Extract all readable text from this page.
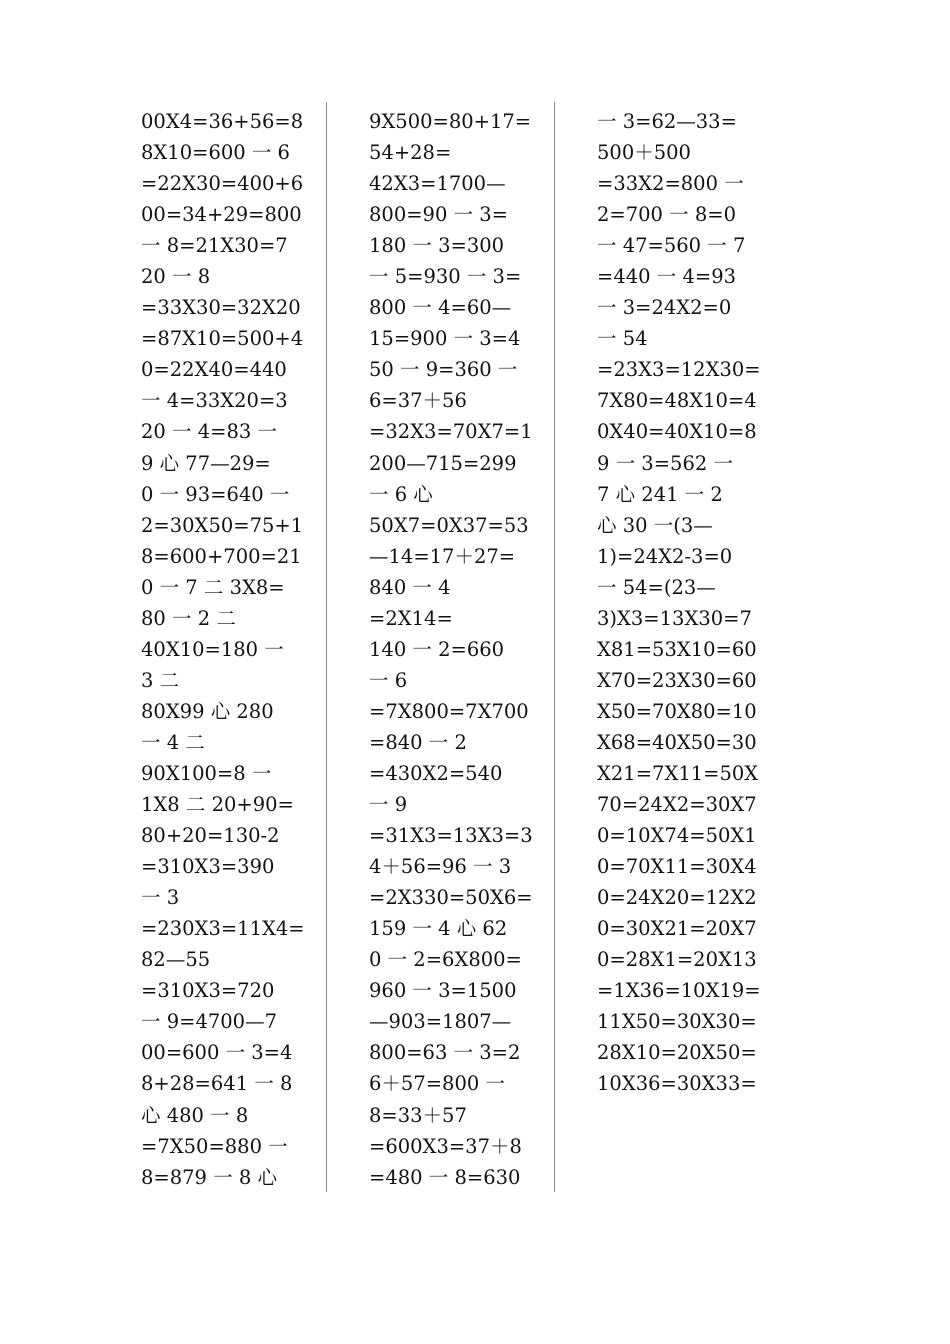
00X4=36+56=8
8X10=600 一 6
=22X30=400+6
00=34+29=800
一 8=21X30=7
20 一 8
=33X30=32X20
=87X10=500+4
0=22X40=440
一 4=33X20=3
20 一 4=83 一
9 心 77—29=
0 一 93=640 一
2=30X50=75+1
8=600+700=21
0 一 7 二 3X8=
80 一 2 二
40X10=180 一
3 二
80X99 心 280
一 4 二
90X100=8 一
1X8 二 20+90=
80+20=130-2
=310X3=390
一 3
=230X3=11X4=
82—55
=310X3=720
一 9=4700—7
00=600 一 3=4
8+28=641 一 8
心 480 一 8
=7X50=880 一
8=879 一 8 心
9X500=80+17=
54+28=
42X3=1700—
800=90 一 3=
180 一 3=300
一 5=930 一 3=
800 一 4=60—
15=900 一 3=4
50 一 9=360 一
6=37＋56
=32X3=70X7=1
200—715=299
一 6 心
50X7=0X37=53
—14=17＋27=
840 一 4
=2X14=
140 一 2=660
一 6
=7X800=7X700
=840 一 2
=430X2=540
一 9
=31X3=13X3=3
4＋56=96 一 3
=2X330=50X6=
159 一 4 心 62
0 一 2=6X800=
960 一 3=1500
—903=1807—
800=63 一 3=2
6＋57=800 一
8=33＋57
=600X3=37＋8
=480 一 8=630
一 3=62—33=
500＋500
=33X2=800 一
2=700 一 8=0
一 47=560 一 7
=440 一 4=93
一 3=24X2=0
一 54
=23X3=12X30=
7X80=48X10=4
0X40=40X10=8
9 一 3=562 一
7 心 241 一 2
心 30 一(3—
1)=24X2-3=0
一 54=(23—
3)X3=13X30=7
X81=53X10=60
X70=23X30=60
X50=70X80=10
X68=40X50=30
X21=7X11=50X
70=24X2=30X7
0=10X74=50X1
0=70X11=30X4
0=24X20=12X2
0=30X21=20X7
0=28X1=20X13
=1X36=10X19=
11X50=30X30=
28X10=20X50=
10X36=30X33=
